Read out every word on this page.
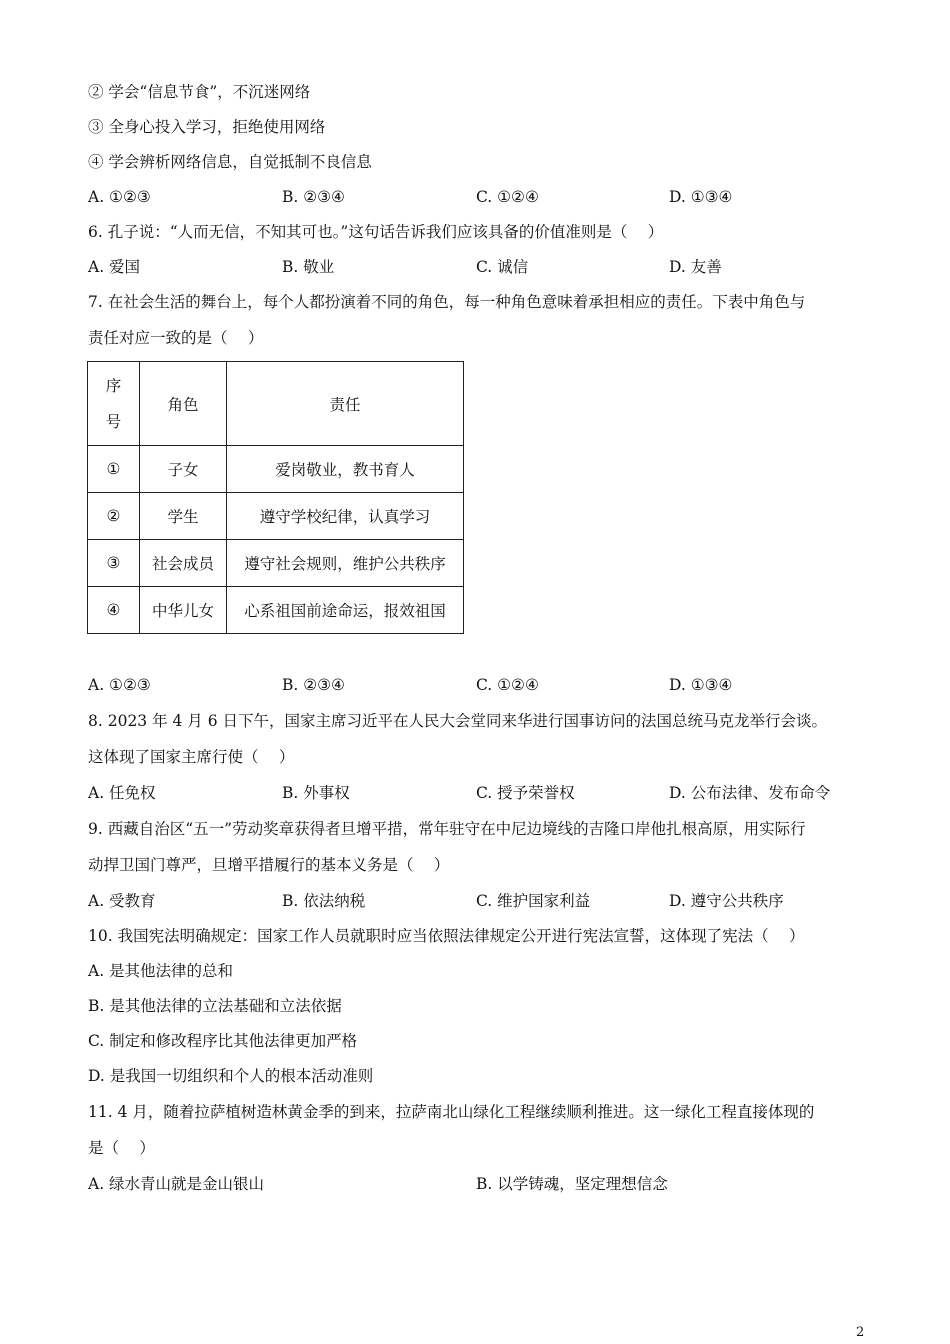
② 学会“信息节食”，不沉迷网络
③ 全身心投入学习，拒绝使用网络
④ 学会辨析网络信息，自觉抵制不良信息
A. ①②③	B. ②③④	C. ①②④	D. ①③④
6. 孔子说：“人而无信，不知其可也。”这句话告诉我们应该具备的价值准则是（　 ）
A. 爱国	B. 敬业	C. 诚信	D. 友善
7. 在社会生活的舞台上，每个人都扮演着不同的角色，每一种角色意味着承担相应的责任。下表中角色与
责任对应一致的是（　 ）
序号	角色	责任
①	子女	爱岗敬业，教书育人
②	学生	遵守学校纪律，认真学习
③	社会成员	遵守社会规则，维护公共秩序
④	中华儿女	心系祖国前途命运，报效祖国
A. ①②③	B. ②③④	C. ①②④	D. ①③④
8. 2023 年 4 月 6 日下午，国家主席习近平在人民大会堂同来华进行国事访问的法国总统马克龙举行会谈。
这体现了国家主席行使（　 ）
A. 任免权	B. 外事权	C. 授予荣誉权	D. 公布法律、发布命令
9. 西藏自治区“五一”劳动奖章获得者旦增平措，常年驻守在中尼边境线的吉隆口岸他扎根高原，用实际行
动捍卫国门尊严，旦增平措履行的基本义务是（　 ）
A. 受教育	B. 依法纳税	C. 维护国家利益	D. 遵守公共秩序
10. 我国宪法明确规定：国家工作人员就职时应当依照法律规定公开进行宪法宣誓，这体现了宪法（　 ）
A. 是其他法律的总和
B. 是其他法律的立法基础和立法依据
C. 制定和修改程序比其他法律更加严格
D. 是我国一切组织和个人的根本活动准则
11. 4 月，随着拉萨植树造林黄金季的到来，拉萨南北山绿化工程继续顺利推进。这一绿化工程直接体现的
是（　 ）
A. 绿水青山就是金山银山	B. 以学铸魂，坚定理想信念
2
